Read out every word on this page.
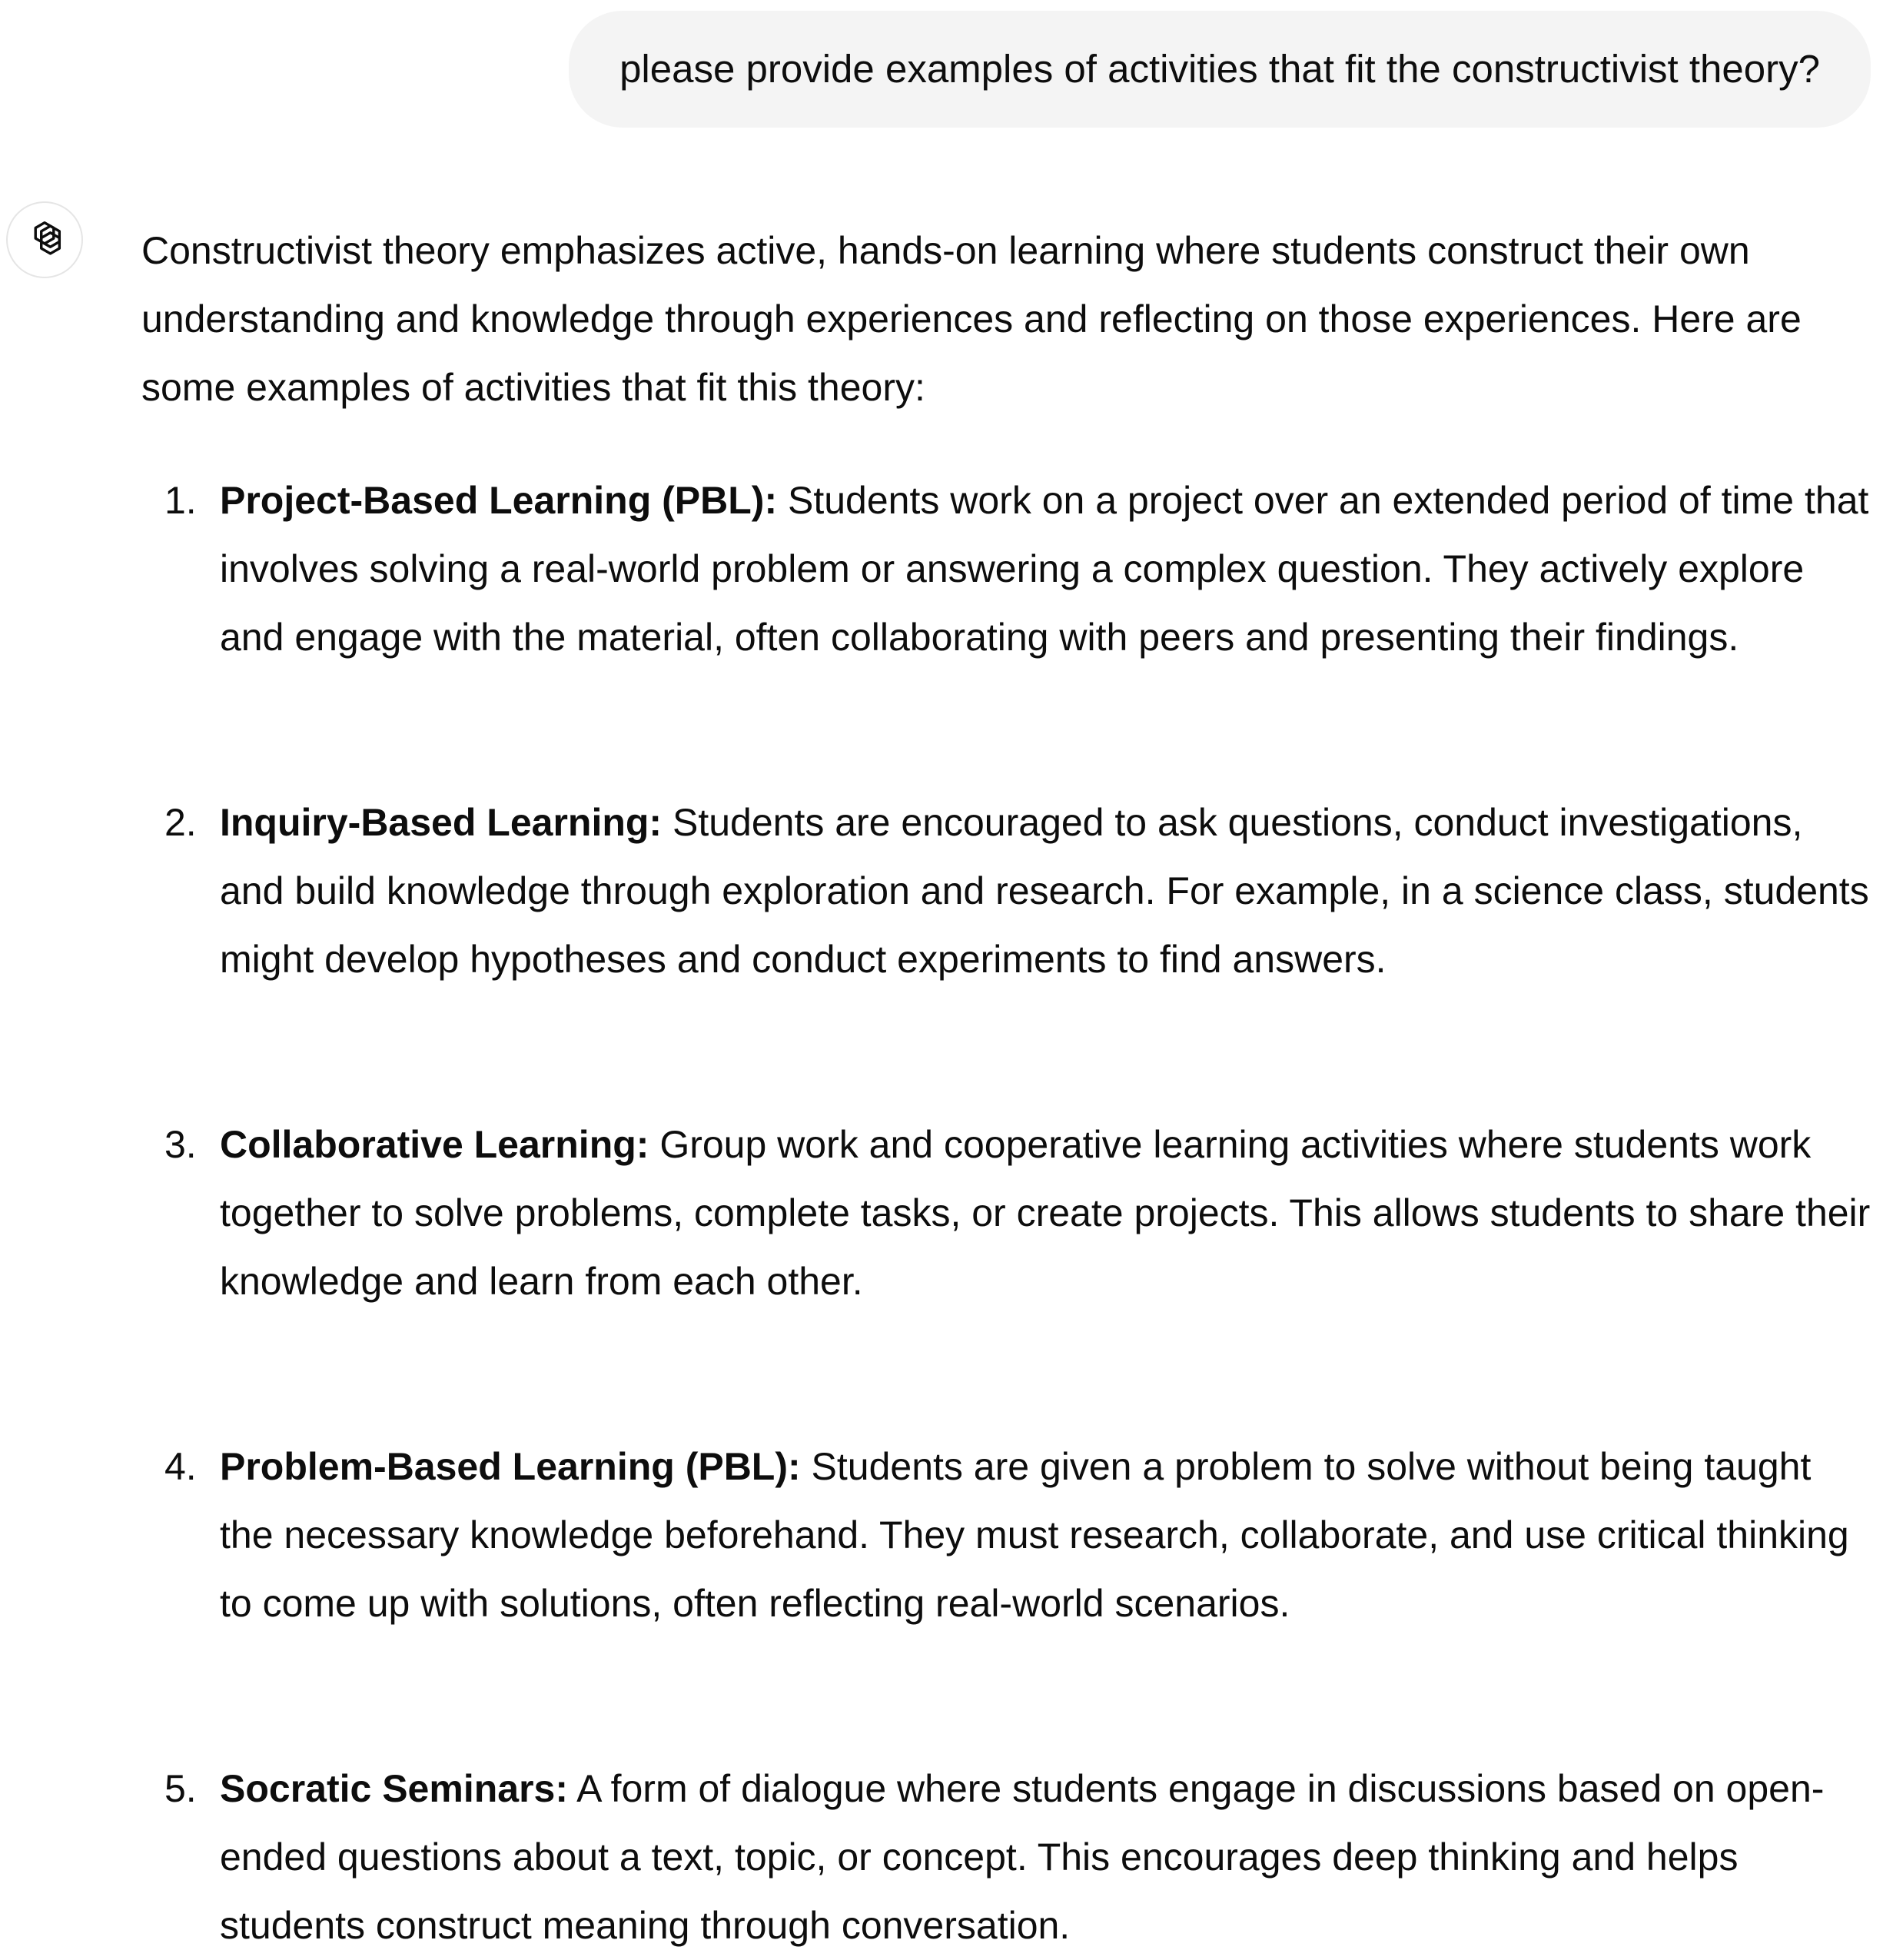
please provide examples of activities that fit the constructivist theory?

Constructivist theory emphasizes active, hands-on learning where students construct their own understanding and knowledge through experiences and reflecting on those experiences. Here are some examples of activities that fit this theory:

1. Project-Based Learning (PBL): Students work on a project over an extended period of time that involves solving a real-world problem or answering a complex question. They actively explore and engage with the material, often collaborating with peers and presenting their findings.
2. Inquiry-Based Learning: Students are encouraged to ask questions, conduct investigations, and build knowledge through exploration and research. For example, in a science class, students might develop hypotheses and conduct experiments to find answers.
3. Collaborative Learning: Group work and cooperative learning activities where students work together to solve problems, complete tasks, or create projects. This allows students to share their knowledge and learn from each other.
4. Problem-Based Learning (PBL): Students are given a problem to solve without being taught the necessary knowledge beforehand. They must research, collaborate, and use critical thinking to come up with solutions, often reflecting real-world scenarios.
5. Socratic Seminars: A form of dialogue where students engage in discussions based on open-ended questions about a text, topic, or concept. This encourages deep thinking and helps students construct meaning through conversation.
